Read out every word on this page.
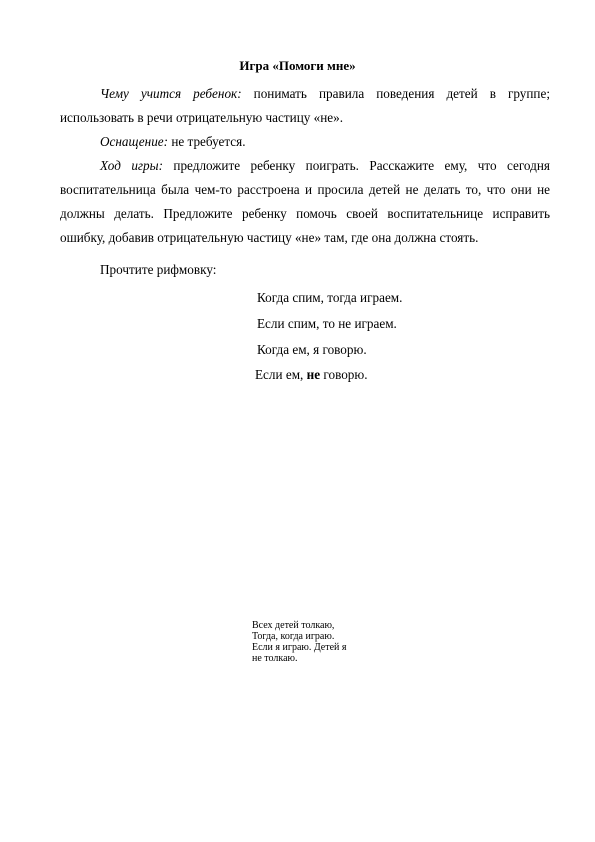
Игра «Помоги мне»
Чему учится ребенок: понимать правила поведения детей в группе; использовать в речи отрицательную частицу «не».
Оснащение: не требуется.
Ход игры: предложите ребенку поиграть. Расскажите ему, что сегодня воспитательница была чем-то расстроена и просила детей не делать то, что они не должны делать. Предложите ребенку помочь своей воспитательнице исправить ошибку, добавив отрицательную частицу «не» там, где она должна стоять.
Прочтите рифмовку:
Когда спим, тогда играем.
Если спим, то не играем.
Когда ем, я говорю.
Если ем, не говорю.
Всех детей толкаю,
Тогда, когда играю.
Если я играю. Детей я
не толкаю.
